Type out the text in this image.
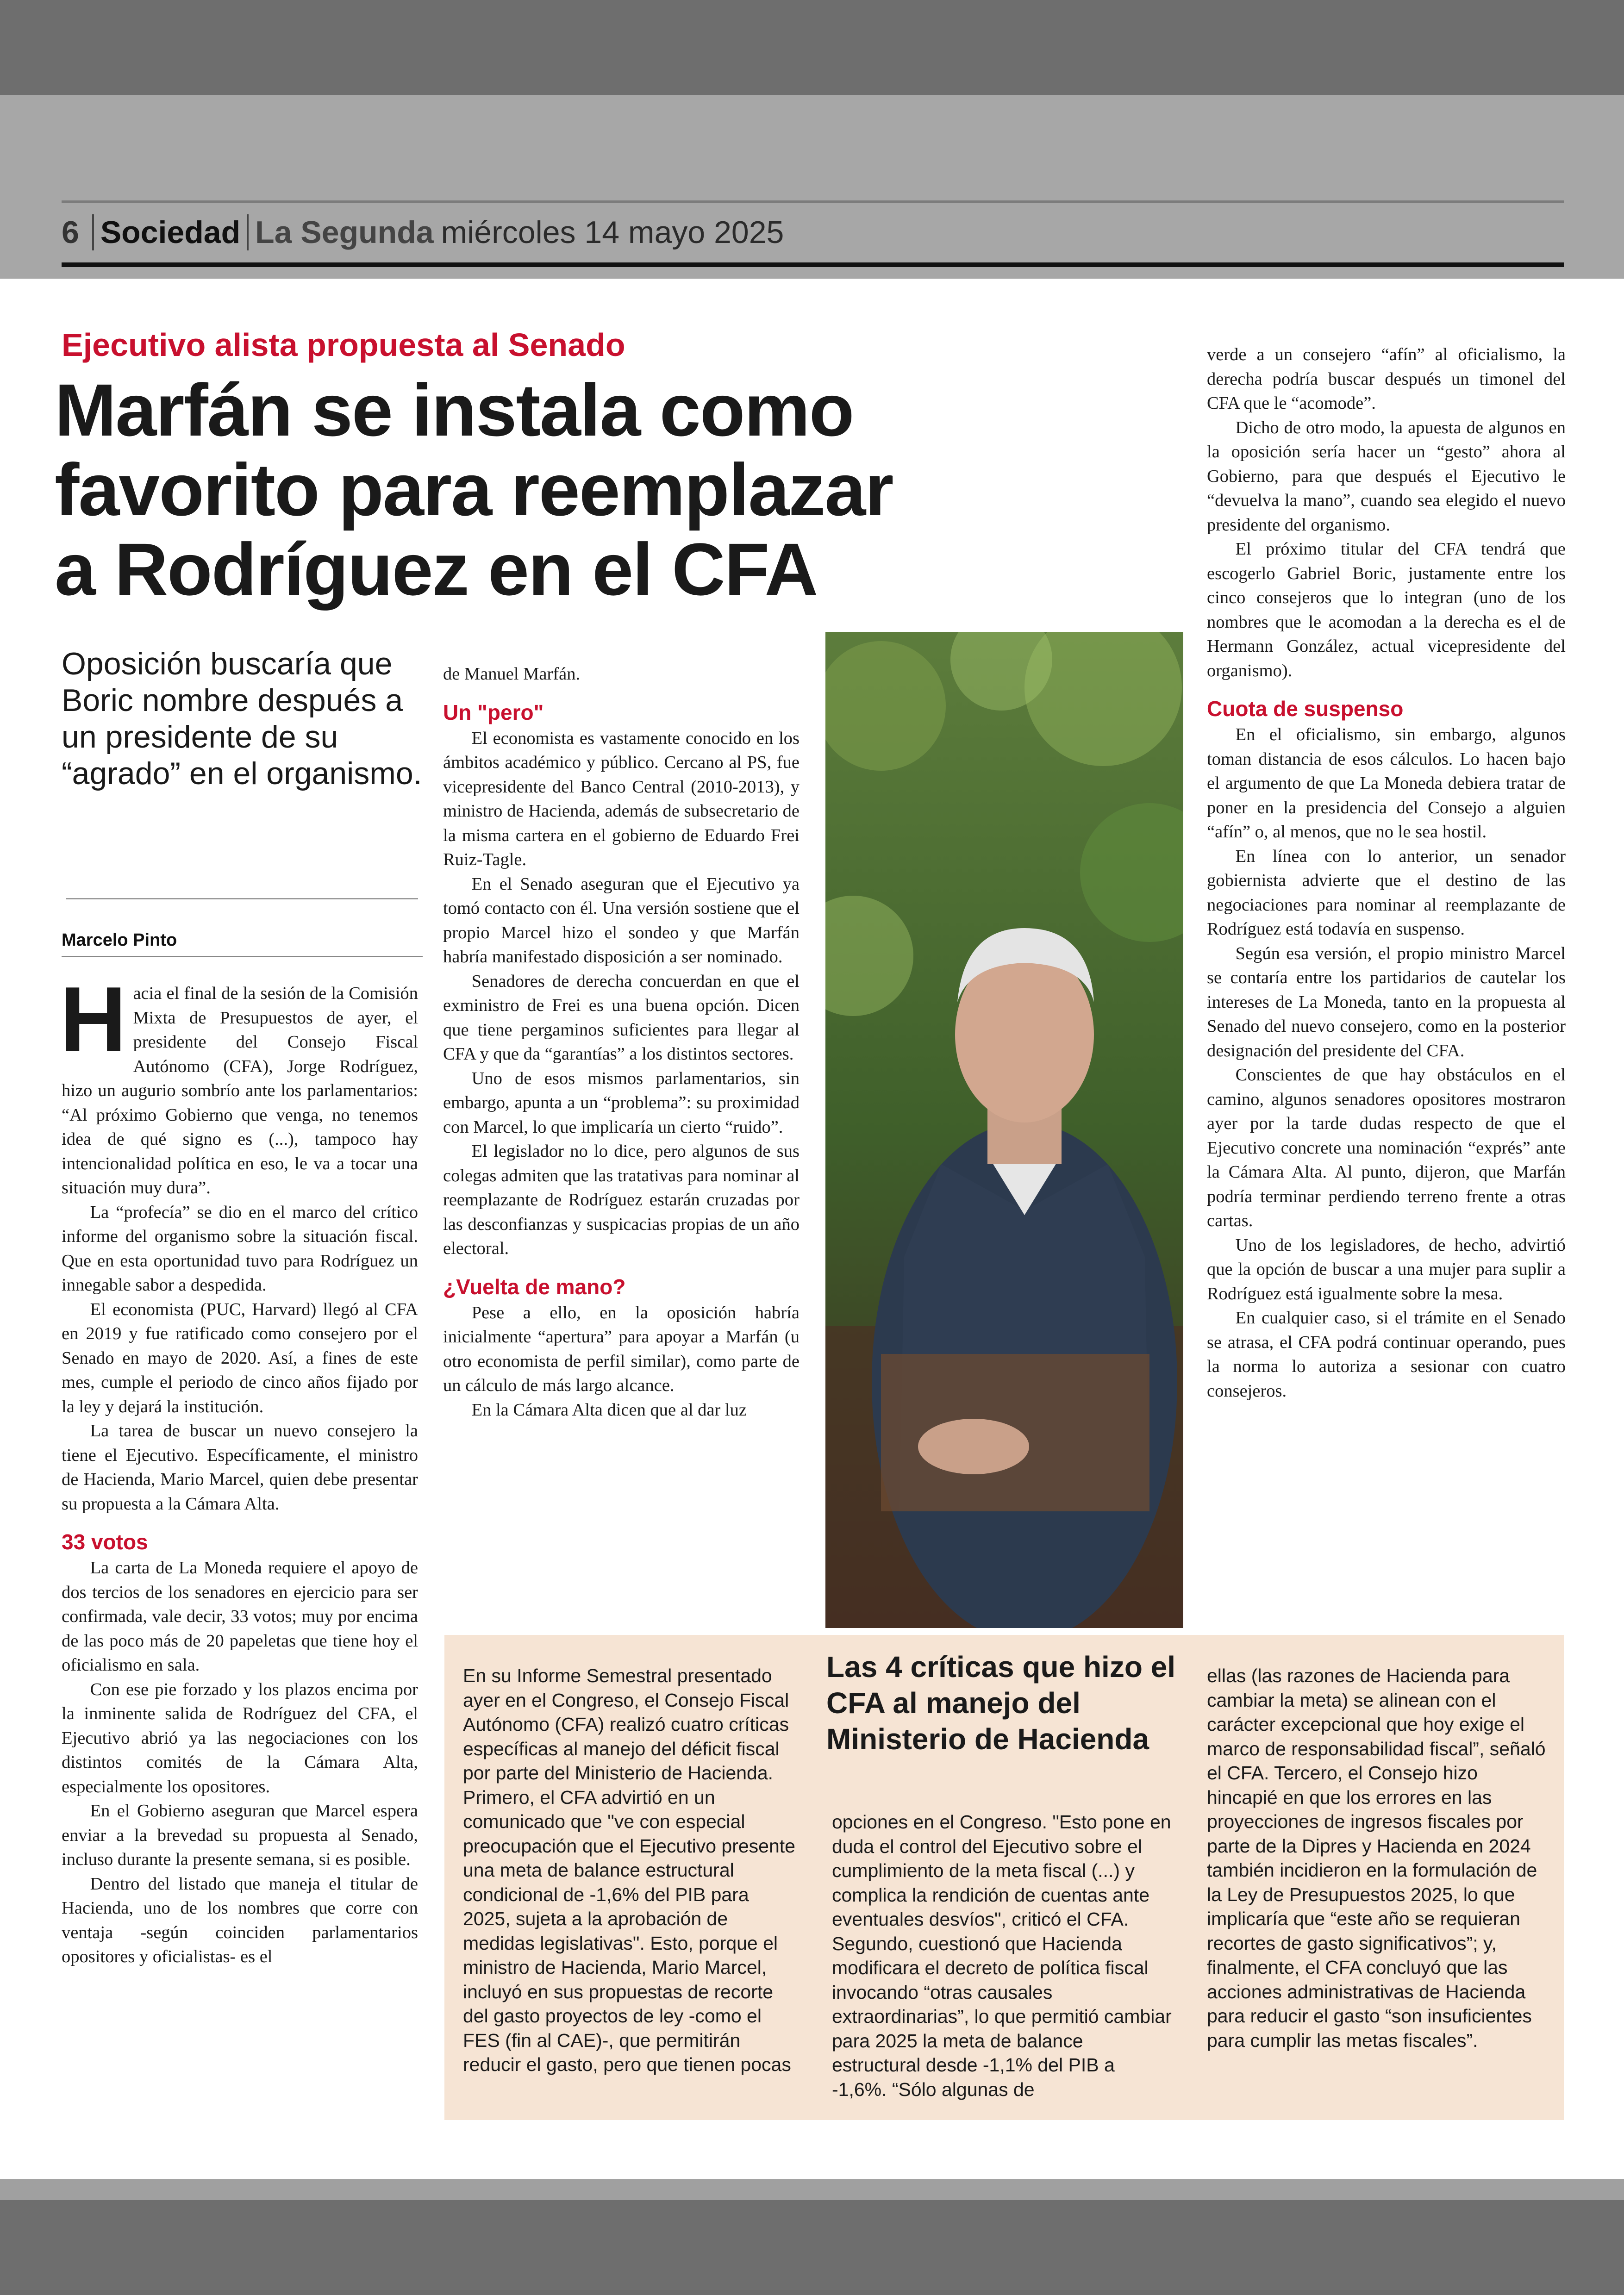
6 Sociedad La Segunda miércoles 14 mayo 2025
Ejecutivo alista propuesta al Senado
Marfán se instala como
favorito para reemplazar
a Rodríguez en el CFA
Oposición buscaría que Boric nombre después a un presidente de su “agrado” en el organismo.
Marcelo Pinto

Hacia el final de la sesión de la Comisión Mixta de Presupuestos de ayer, el presidente del Consejo Fiscal Autónomo (CFA), Jorge Rodríguez, hizo un augurio sombrío ante los parlamentarios: “Al próximo Gobierno que venga, no tenemos idea de qué signo es (...), tampoco hay intencionalidad política en eso, le va a tocar una situación muy dura”.

La “profecía” se dio en el marco del crítico informe del organismo sobre la situación fiscal. Que en esta oportunidad tuvo para Rodríguez un innegable sabor a despedida.

El economista (PUC, Harvard) llegó al CFA en 2019 y fue ratificado como consejero por el Senado en mayo de 2020. Así, a fines de este mes, cumple el periodo de cinco años fijado por la ley y dejará la institución.

La tarea de buscar un nuevo consejero la tiene el Ejecutivo. Específicamente, el ministro de Hacienda, Mario Marcel, quien debe presentar su propuesta a la Cámara Alta.

33 votos

La carta de La Moneda requiere el apoyo de dos tercios de los senadores en ejercicio para ser confirmada, vale decir, 33 votos; muy por encima de las poco más de 20 papeletas que tiene hoy el oficialismo en sala.

Con ese pie forzado y los plazos encima por la inminente salida de Rodríguez del CFA, el Ejecutivo abrió ya las negociaciones con los distintos comités de la Cámara Alta, especialmente los opositores.

En el Gobierno aseguran que Marcel espera enviar a la brevedad su propuesta al Senado, incluso durante la presente semana, si es posible.

Dentro del listado que maneja el titular de Hacienda, uno de los nombres que corre con ventaja -según coinciden parlamentarios opositores y oficialistas- es el

de Manuel Marfán.

Un "pero"

El economista es vastamente conocido en los ámbitos académico y público. Cercano al PS, fue vicepresidente del Banco Central (2010-2013), y ministro de Hacienda, además de subsecretario de la misma cartera en el gobierno de Eduardo Frei Ruiz-Tagle.

En el Senado aseguran que el Ejecutivo ya tomó contacto con él. Una versión sostiene que el propio Marcel hizo el sondeo y que Marfán habría manifestado disposición a ser nominado.

Senadores de derecha concuerdan en que el exministro de Frei es una buena opción. Dicen que tiene pergaminos suficientes para llegar al CFA y que da “garantías” a los distintos sectores.

Uno de esos mismos parlamentarios, sin embargo, apunta a un “problema”: su proximidad con Marcel, lo que implicaría un cierto “ruido”.

El legislador no lo dice, pero algunos de sus colegas admiten que las tratativas para nominar al reemplazante de Rodríguez estarán cruzadas por las desconfianzas y suspicacias propias de un año electoral.

¿Vuelta de mano?

Pese a ello, en la oposición habría inicialmente “apertura” para apoyar a Marfán (u otro economista de perfil similar), como parte de un cálculo de más largo alcance.

En la Cámara Alta dicen que al dar luz

verde a un consejero “afín” al oficialismo, la derecha podría buscar después un timonel del CFA que le “acomode”.

Dicho de otro modo, la apuesta de algunos en la oposición sería hacer un “gesto” ahora al Gobierno, para que después el Ejecutivo le “devuelva la mano”, cuando sea elegido el nuevo presidente del organismo.

El próximo titular del CFA tendrá que escogerlo Gabriel Boric, justamente entre los cinco consejeros que lo integran (uno de los nombres que le acomodan a la derecha es el de Hermann González, actual vicepresidente del organismo).

Cuota de suspenso

En el oficialismo, sin embargo, algunos toman distancia de esos cálculos. Lo hacen bajo el argumento de que La Moneda debiera tratar de poner en la presidencia del Consejo a alguien “afín” o, al menos, que no le sea hostil.

En línea con lo anterior, un senador gobiernista advierte que el destino de las negociaciones para nominar al reemplazante de Rodríguez está todavía en suspenso.

Según esa versión, el propio ministro Marcel se contaría entre los partidarios de cautelar los intereses de La Moneda, tanto en la propuesta al Senado del nuevo consejero, como en la posterior designación del presidente del CFA.

Conscientes de que hay obstáculos en el camino, algunos senadores opositores mostraron ayer por la tarde dudas respecto de que el Ejecutivo concrete una nominación “exprés” ante la Cámara Alta. Al punto, dijeron, que Marfán podría terminar perdiendo terreno frente a otras cartas.

Uno de los legisladores, de hecho, advirtió que la opción de buscar a una mujer para suplir a Rodríguez está igualmente sobre la mesa.

En cualquier caso, si el trámite en el Senado se atrasa, el CFA podrá continuar operando, pues la norma lo autoriza a sesionar con cuatro consejeros.

Las 4 críticas que hizo el CFA al manejo del Ministerio de Hacienda
En su Informe Semestral presentado ayer en el Congreso, el Consejo Fiscal Autónomo (CFA) realizó cuatro críticas específicas al manejo del déficit fiscal por parte del Ministerio de Hacienda. Primero, el CFA advirtió en un comunicado que "ve con especial preocupación que el Ejecutivo presente una meta de balance estructural condicional de -1,6% del PIB para 2025, sujeta a la aprobación de medidas legislativas". Esto, porque el ministro de Hacienda, Mario Marcel, incluyó en sus propuestas de recorte del gasto proyectos de ley -como el FES (fin al CAE)-, que permitirán reducir el gasto, pero que tienen pocas
opciones en el Congreso. "Esto pone en duda el control del Ejecutivo sobre el cumplimiento de la meta fiscal (...) y complica la rendición de cuentas ante eventuales desvíos", criticó el CFA. Segundo, cuestionó que Hacienda modificara el decreto de política fiscal invocando “otras causales extraordinarias”, lo que permitió cambiar para 2025 la meta de balance estructural desde -1,1% del PIB a -1,6%. “Sólo algunas de
ellas (las razones de Hacienda para cambiar la meta) se alinean con el carácter excepcional que hoy exige el marco de responsabilidad fiscal”, señaló el CFA. Tercero, el Consejo hizo hincapié en que los errores en las proyecciones de ingresos fiscales por parte de la Dipres y Hacienda en 2024 también incidieron en la formulación de la Ley de Presupuestos 2025, lo que implicaría que “este año se requieran recortes de gasto significativos”; y, finalmente, el CFA concluyó que las acciones administrativas de Hacienda para reducir el gasto “son insuficientes para cumplir las metas fiscales”.
